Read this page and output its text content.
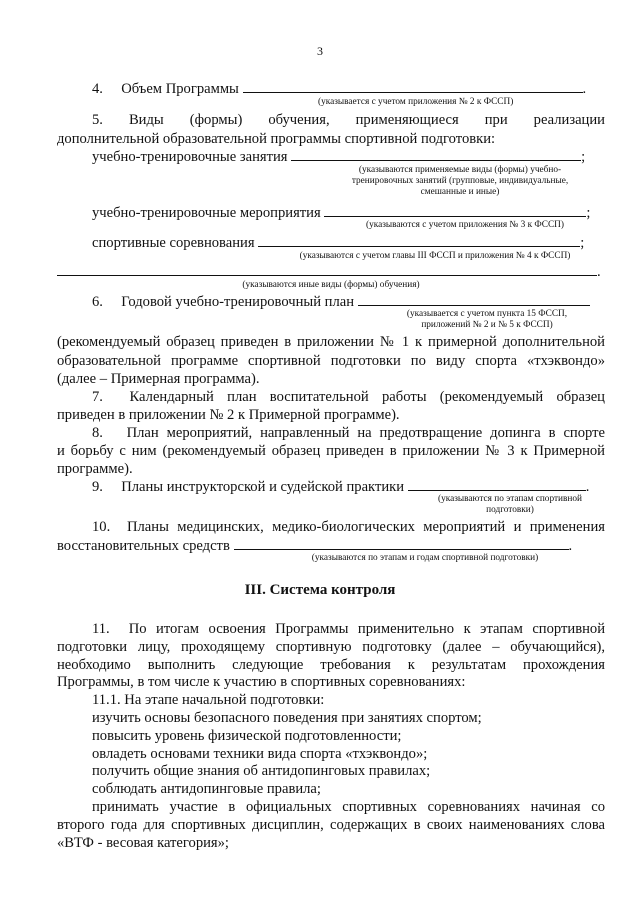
3
4.     Объем Программы	.
(указывается с учетом приложения № 2 к ФССП)
5.   Виды   (формы)   обучения,   применяющиеся   при   реализации
дополнительной образовательной программы спортивной подготовки:
учебно-тренировочные занятия	;
(указываются применяемые виды (формы) учебно-
тренировочных занятий (групповые, индивидуальные,
смешанные и иные)
учебно-тренировочные мероприятия	;
(указываются с учетом приложения № 3 к ФССП)
спортивные соревнования	;
(указываются с учетом главы III ФССП и приложения № 4 к ФССП)
.
(указываются иные виды (формы) обучения)
6.     Годовой учебно-тренировочный план
(указывается с учетом пункта 15 ФССП,
приложений № 2 и № 5 к ФССП)
(рекомендуемый образец приведен в приложении № 1 к примерной дополнительной
образовательной программе спортивной подготовки по виду спорта «тхэквондо»
(далее – Примерная программа).
7.    Календарный  план  воспитательной  работы  (рекомендуемый  образец
приведен в приложении № 2 к Примерной программе).
8.   План мероприятий, направленный на предотвращение допинга в спорте
и борьбу с ним (рекомендуемый образец приведен в приложении № 3 к Примерной
программе).
9.     Планы инструкторской и судейской практики	.
(указываются по этапам спортивной
подготовки)
10.  Планы медицинских, медико-биологических мероприятий и применения
восстановительных средств	.
(указываются по этапам и годам спортивной подготовки)
III. Система контроля
11.  По итогам освоения Программы применительно к этапам спортивной
подготовки лицу, проходящему спортивную подготовку (далее – обучающийся),
необходимо выполнить следующие требования к результатам прохождения
Программы, в том числе к участию в спортивных соревнованиях:
11.1. На этапе начальной подготовки:
изучить основы безопасного поведения при занятиях спортом;
повысить уровень физической подготовленности;
овладеть основами техники вида спорта «тхэквондо»;
получить общие знания об антидопинговых правилах;
соблюдать антидопинговые правила;
принимать участие в официальных спортивных соревнованиях начиная со
второго года для спортивных дисциплин, содержащих в своих наименованиях слова
«ВТФ - весовая категория»;
